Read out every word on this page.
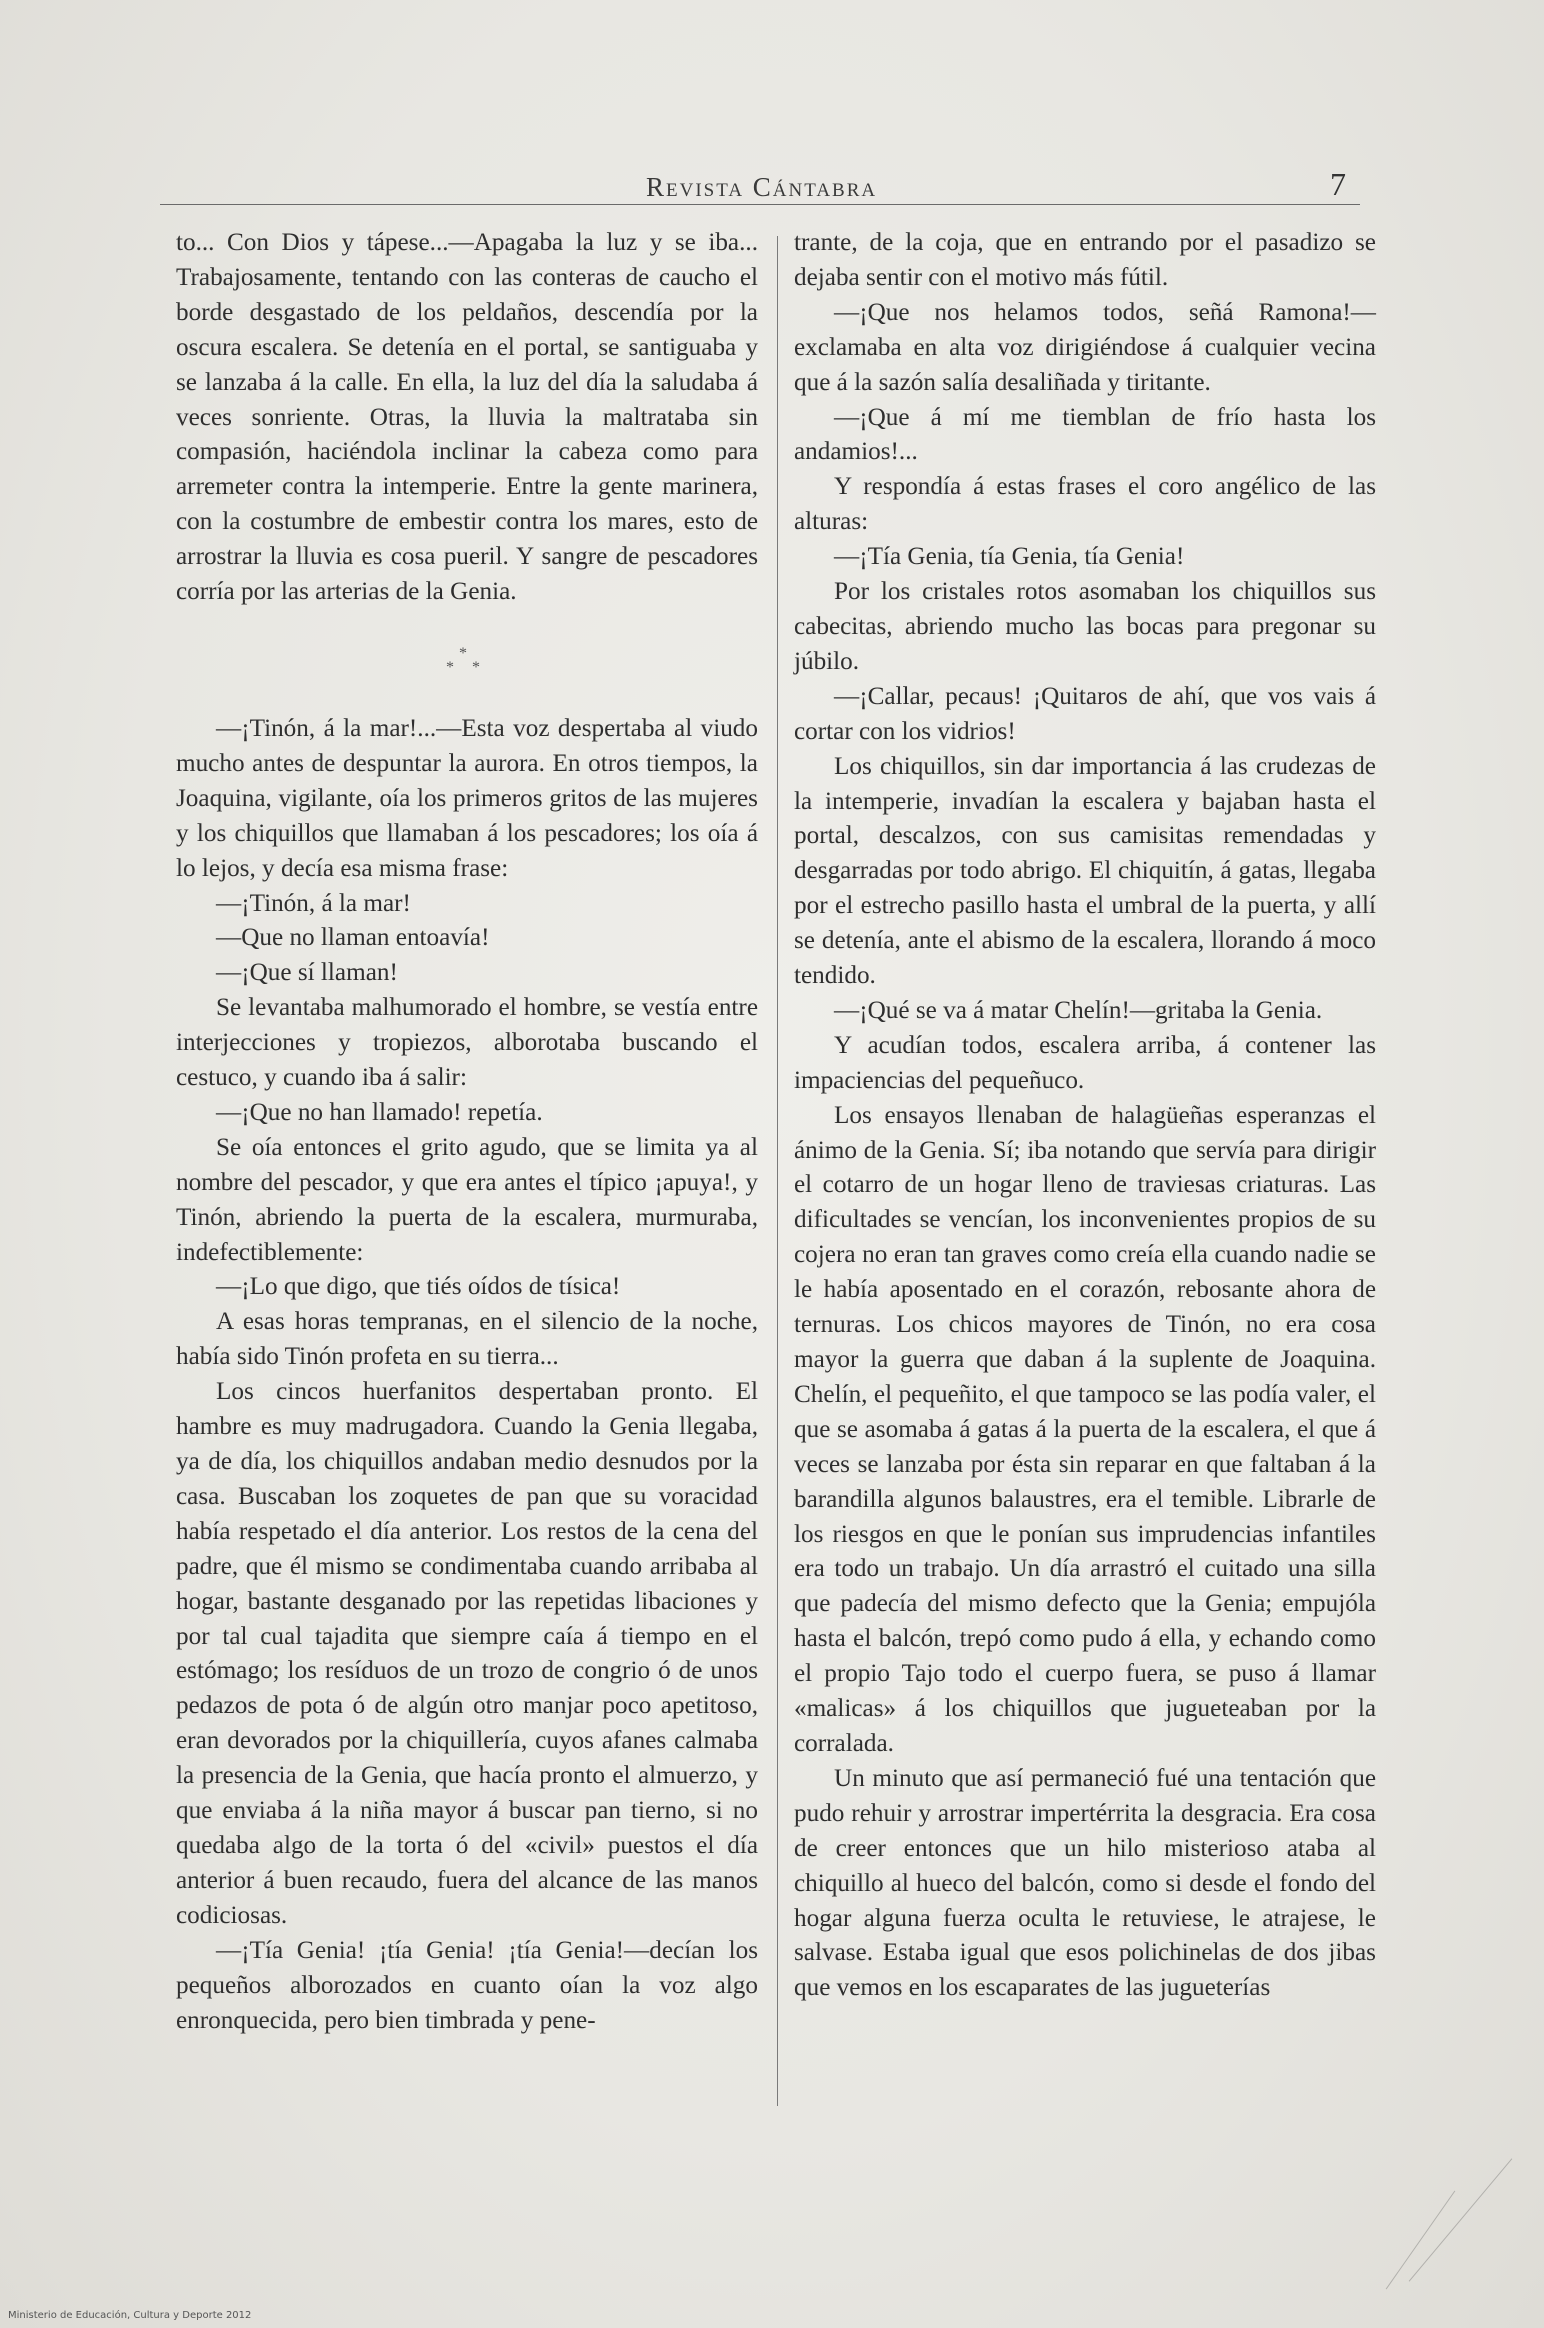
Revista Cántabra	7

to... Con Dios y tápese...—Apagaba la luz y se iba... Trabajosamente, tentando con las conteras de caucho el borde desgastado de los peldaños, descendía por la oscura escalera. Se detenía en el portal, se santiguaba y se lanzaba á la calle. En ella, la luz del día la saludaba á veces sonriente. Otras, la lluvia la maltrataba sin compasión, haciéndola inclinar la cabeza como para arremeter contra la intemperie. Entre la gente marinera, con la costumbre de embestir contra los mares, esto de arrostrar la lluvia es cosa pueril. Y sangre de pescadores corría por las arterias de la Genia.

*
* *

—¡Tinón, á la mar!...—Esta voz despertaba al viudo mucho antes de despuntar la aurora. En otros tiempos, la Joaquina, vigilante, oía los primeros gritos de las mujeres y los chiquillos que llamaban á los pescadores; los oía á lo lejos, y decía esa misma frase:

—¡Tinón, á la mar!

—Que no llaman entoavía!

—¡Que sí llaman!

Se levantaba malhumorado el hombre, se vestía entre interjecciones y tropiezos, alborotaba buscando el cestuco, y cuando iba á salir:

—¡Que no han llamado! repetía.

Se oía entonces el grito agudo, que se limita ya al nombre del pescador, y que era antes el típico ¡apuya!, y Tinón, abriendo la puerta de la escalera, murmuraba, indefectiblemente:

—¡Lo que digo, que tiés oídos de tísica!

A esas horas tempranas, en el silencio de la noche, había sido Tinón profeta en su tierra...

Los cincos huerfanitos despertaban pronto. El hambre es muy madrugadora. Cuando la Genia llegaba, ya de día, los chiquillos andaban medio desnudos por la casa. Buscaban los zoquetes de pan que su voracidad había respetado el día anterior. Los restos de la cena del padre, que él mismo se condimentaba cuando arribaba al hogar, bastante desganado por las repetidas libaciones y por tal cual tajadita que siempre caía á tiempo en el estómago; los resíduos de un trozo de congrio ó de unos pedazos de pota ó de algún otro manjar poco apetitoso, eran devorados por la chiquillería, cuyos afanes calmaba la presencia de la Genia, que hacía pronto el almuerzo, y que enviaba á la niña mayor á buscar pan tierno, si no quedaba algo de la torta ó del «civil» puestos el día anterior á buen recaudo, fuera del alcance de las manos codiciosas.

—¡Tía Genia! ¡tía Genia! ¡tía Genia!—decían los pequeños alborozados en cuanto oían la voz algo enronquecida, pero bien timbrada y pene-

trante, de la coja, que en entrando por el pasadizo se dejaba sentir con el motivo más fútil.

—¡Que nos helamos todos, señá Ramona!—exclamaba en alta voz dirigiéndose á cualquier vecina que á la sazón salía desaliñada y tiritante.

—¡Que á mí me tiemblan de frío hasta los andamios!...

Y respondía á estas frases el coro angélico de las alturas:

—¡Tía Genia, tía Genia, tía Genia!

Por los cristales rotos asomaban los chiquillos sus cabecitas, abriendo mucho las bocas para pregonar su júbilo.

—¡Callar, pecaus! ¡Quitaros de ahí, que vos vais á cortar con los vidrios!

Los chiquillos, sin dar importancia á las crudezas de la intemperie, invadían la escalera y bajaban hasta el portal, descalzos, con sus camisitas remendadas y desgarradas por todo abrigo. El chiquitín, á gatas, llegaba por el estrecho pasillo hasta el umbral de la puerta, y allí se detenía, ante el abismo de la escalera, llorando á moco tendido.

—¡Qué se va á matar Chelín!—gritaba la Genia.

Y acudían todos, escalera arriba, á contener las impaciencias del pequeñuco.

Los ensayos llenaban de halagüeñas esperanzas el ánimo de la Genia. Sí; iba notando que servía para dirigir el cotarro de un hogar lleno de traviesas criaturas. Las dificultades se vencían, los inconvenientes propios de su cojera no eran tan graves como creía ella cuando nadie se le había aposentado en el corazón, rebosante ahora de ternuras. Los chicos mayores de Tinón, no era cosa mayor la guerra que daban á la suplente de Joaquina. Chelín, el pequeñito, el que tampoco se las podía valer, el que se asomaba á gatas á la puerta de la escalera, el que á veces se lanzaba por ésta sin reparar en que faltaban á la barandilla algunos balaustres, era el temible. Librarle de los riesgos en que le ponían sus imprudencias infantiles era todo un trabajo. Un día arrastró el cuitado una silla que padecía del mismo defecto que la Genia; empujóla hasta el balcón, trepó como pudo á ella, y echando como el propio Tajo todo el cuerpo fuera, se puso á llamar «malicas» á los chiquillos que jugueteaban por la corralada.

Un minuto que así permaneció fué una tentación que pudo rehuir y arrostrar impertérrita la desgracia. Era cosa de creer entonces que un hilo misterioso ataba al chiquillo al hueco del balcón, como si desde el fondo del hogar alguna fuerza oculta le retuviese, le atrajese, le salvase. Estaba igual que esos polichinelas de dos jibas que vemos en los escaparates de las jugueterías

Ministerio de Educación, Cultura y Deporte 2012
